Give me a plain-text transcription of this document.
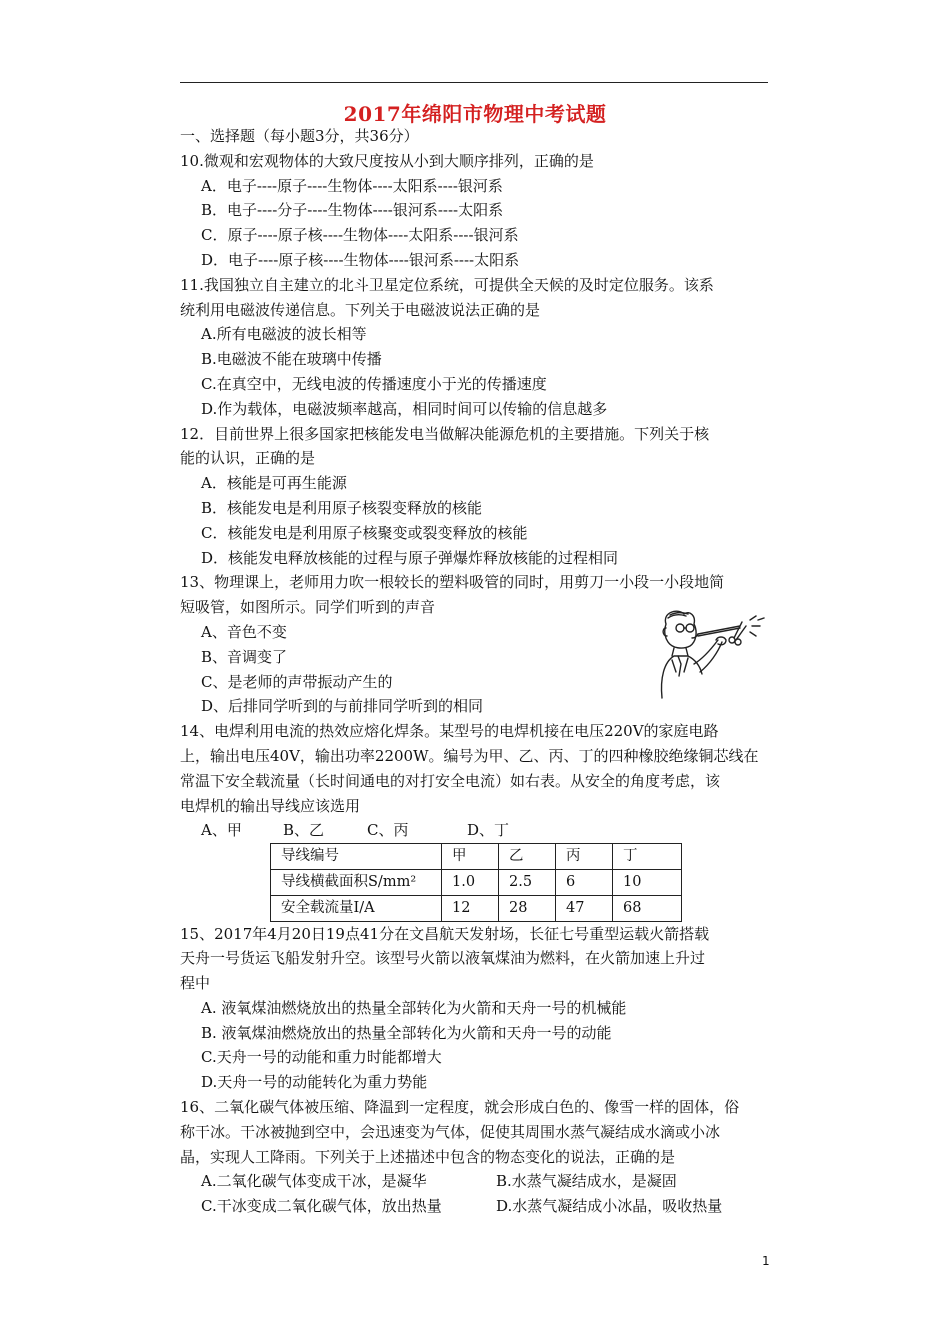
2017年绵阳市物理中考试题
一、选择题（每小题3分，共36分）
10.微观和宏观物体的大致尺度按从小到大顺序排列，正确的是
A．电子----原子----生物体----太阳系----银河系
B．电子----分子----生物体----银河系----太阳系
C．原子----原子核----生物体----太阳系----银河系
D．电子----原子核----生物体----银河系----太阳系
11.我国独立自主建立的北斗卫星定位系统，可提供全天候的及时定位服务。该系
统利用电磁波传递信息。下列关于电磁波说法正确的是
A.所有电磁波的波长相等
B.电磁波不能在玻璃中传播
C.在真空中，无线电波的传播速度小于光的传播速度
D.作为载体，电磁波频率越高，相同时间可以传输的信息越多
12．目前世界上很多国家把核能发电当做解决能源危机的主要措施。下列关于核
能的认识，正确的是
A．核能是可再生能源
B．核能发电是利用原子核裂变释放的核能
C．核能发电是利用原子核聚变或裂变释放的核能
D．核能发电释放核能的过程与原子弹爆炸释放核能的过程相同
13、物理课上，老师用力吹一根较长的塑料吸管的同时，用剪刀一小段一小段地简
短吸管，如图所示。同学们听到的声音
A、音色不变
B、音调变了
C、是老师的声带振动产生的
D、后排同学听到的与前排同学听到的相同
14、电焊利用电流的热效应熔化焊条。某型号的电焊机接在电压220V的家庭电路
上，输出电压40V，输出功率2200W。编号为甲、乙、丙、丁的四种橡胶绝缘铜芯线在
常温下安全载流量（长时间通电的对打安全电流）如右表。从安全的角度考虑，该
电焊机的输出导线应该选用
A、甲	B、乙	C、丙	D、丁
导线编号	甲	乙	丙	丁
导线横截面积S/mm²	1.0	2.5	6	10
安全载流量I/A	12	28	47	68
15、2017年4月20日19点41分在文昌航天发射场，长征七号重型运载火箭搭载
天舟一号货运飞船发射升空。该型号火箭以液氧煤油为燃料，在火箭加速上升过
程中
A. 液氧煤油燃烧放出的热量全部转化为火箭和天舟一号的机械能
B. 液氧煤油燃烧放出的热量全部转化为火箭和天舟一号的动能
C.天舟一号的动能和重力时能都增大
D.天舟一号的动能转化为重力势能
16、二氧化碳气体被压缩、降温到一定程度，就会形成白色的、像雪一样的固体，俗
称干冰。干冰被抛到空中，会迅速变为气体，促使其周围水蒸气凝结成水滴或小冰
晶，实现人工降雨。下列关于上述描述中包含的物态变化的说法，正确的是
A.二氧化碳气体变成干冰，是凝华	B.水蒸气凝结成水，是凝固
C.干冰变成二氧化碳气体，放出热量	D.水蒸气凝结成小冰晶，吸收热量
1
